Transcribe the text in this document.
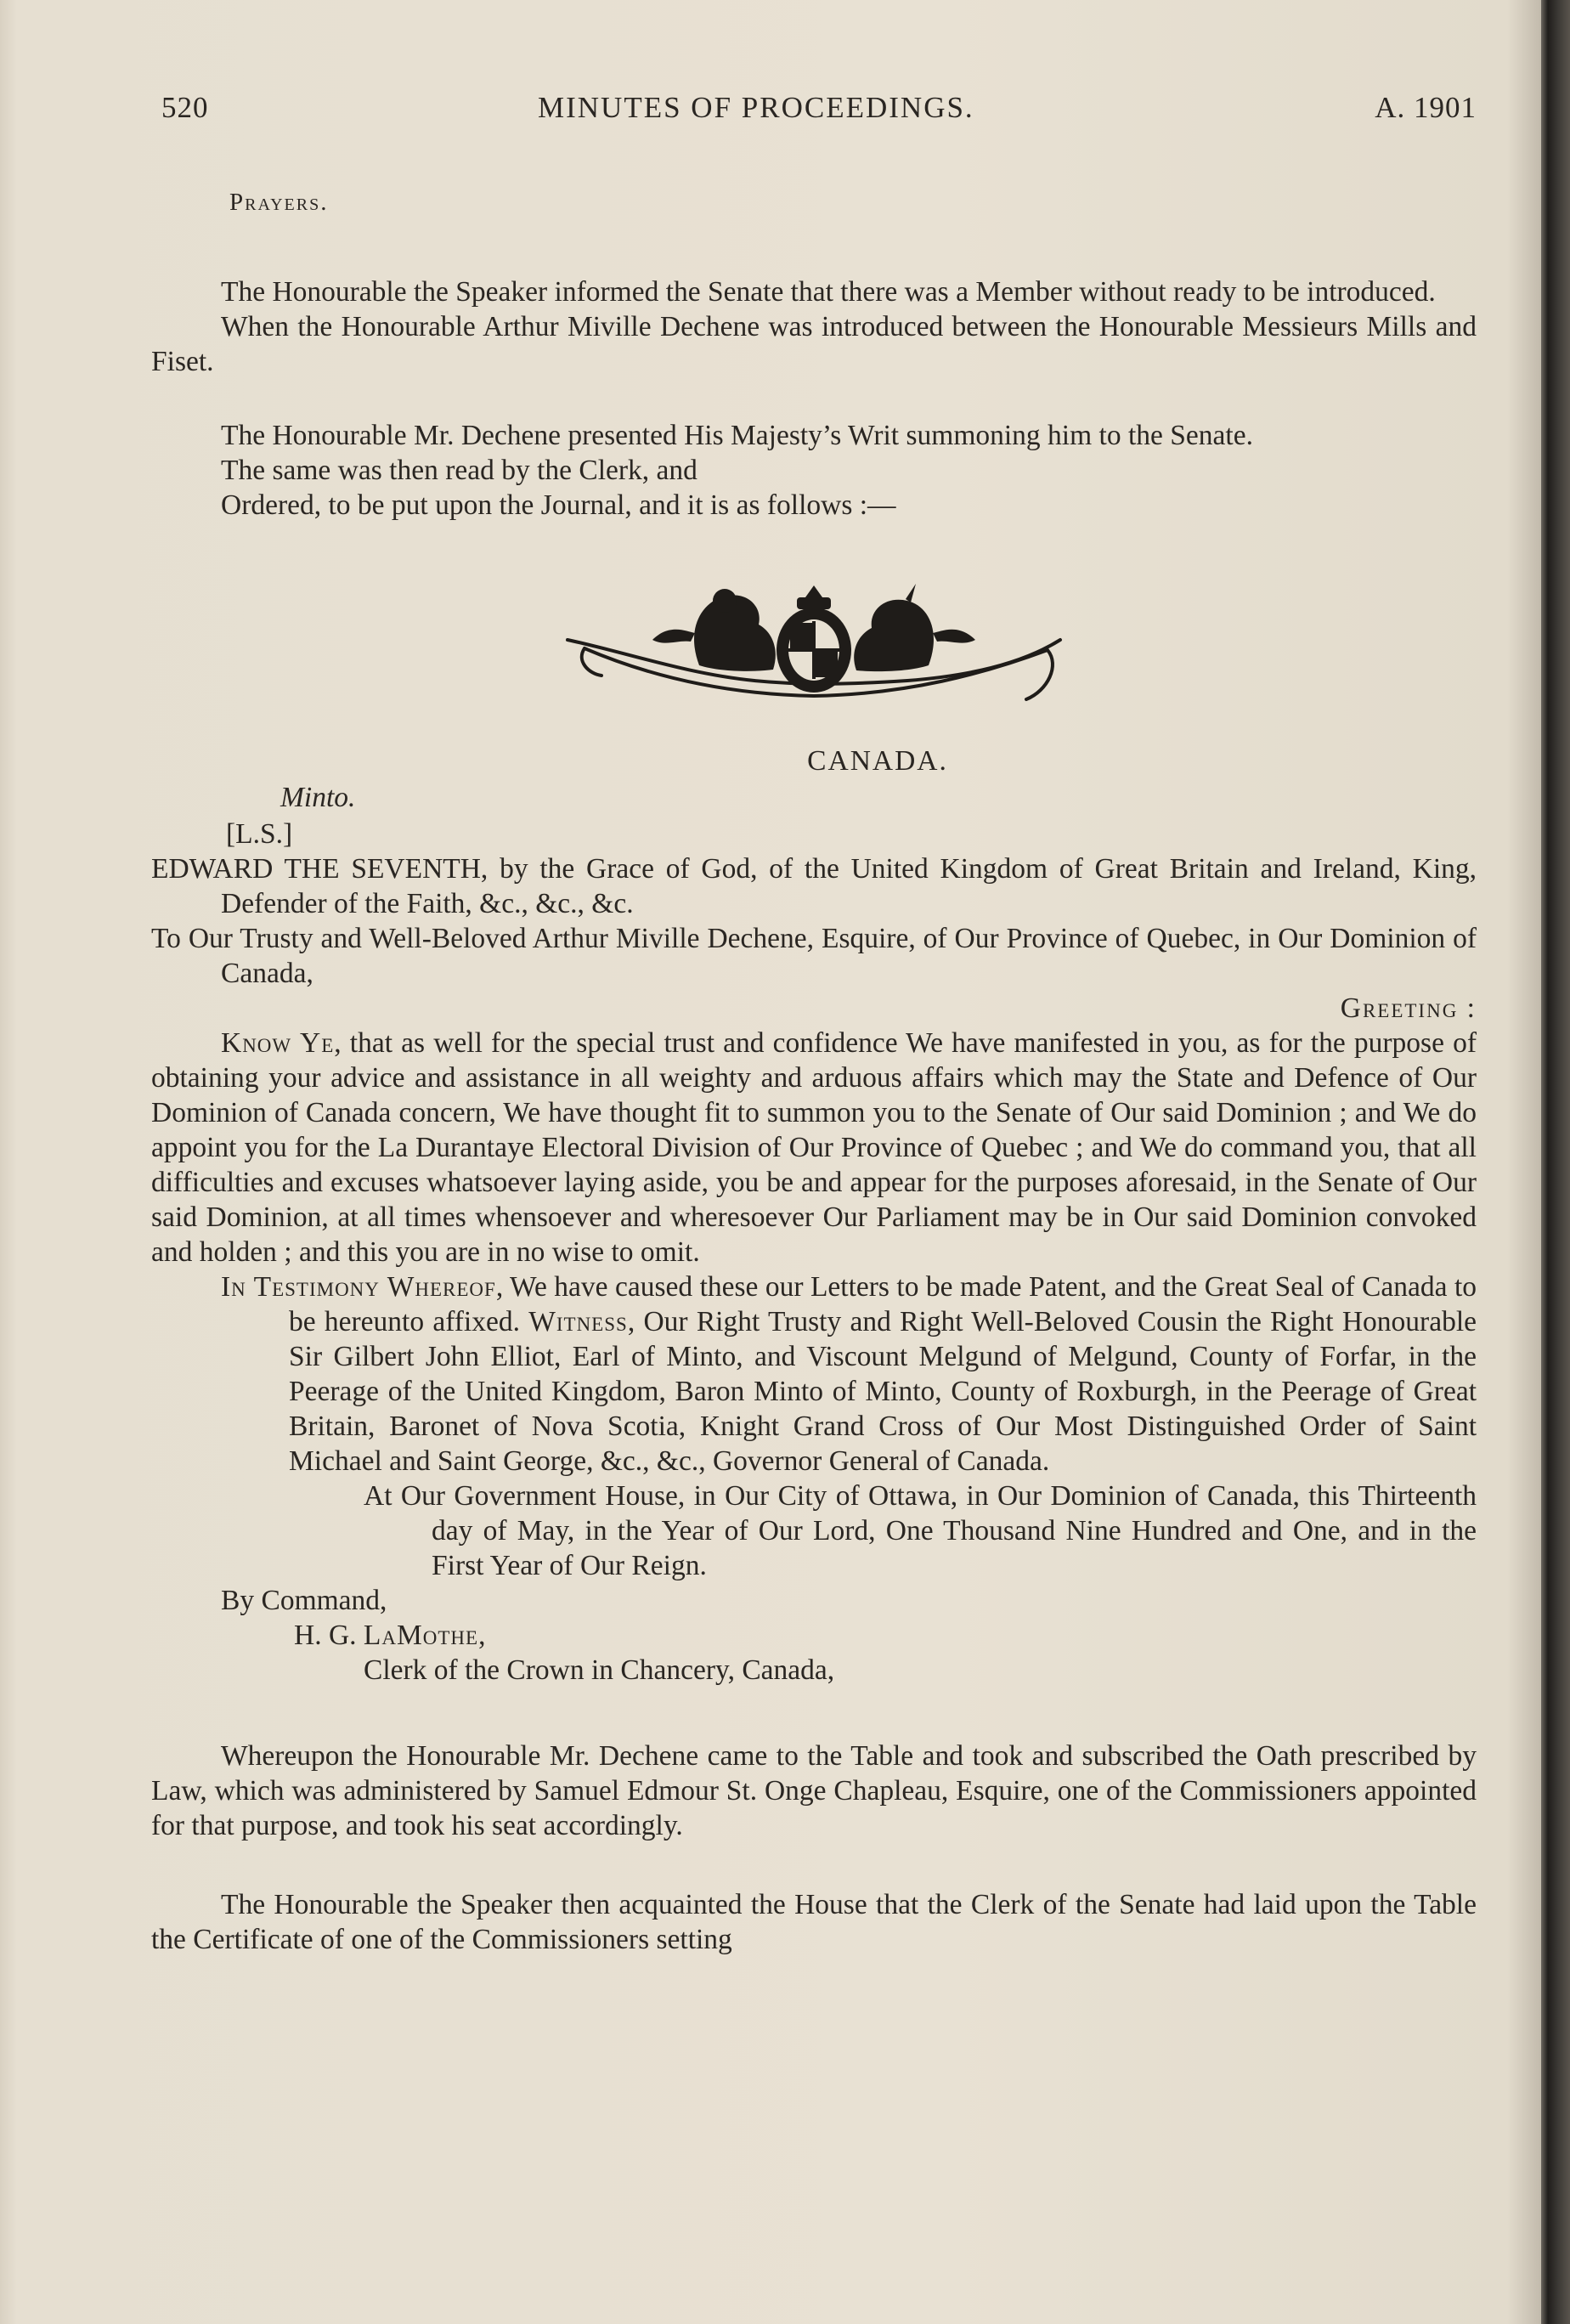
520	MINUTES OF PROCEEDINGS.	A. 1901

Prayers.

The Honourable the Speaker informed the Senate that there was a Member without ready to be introduced.

When the Honourable Arthur Miville Dechene was introduced between the Honourable Messieurs Mills and Fiset.

The Honourable Mr. Dechene presented His Majesty’s Writ summoning him to the Senate.

The same was then read by the Clerk, and

Ordered, to be put upon the Journal, and it is as follows :—

CANADA.

Minto.

[L.S.]

EDWARD THE SEVENTH, by the Grace of God, of the United Kingdom of Great Britain and Ireland, King, Defender of the Faith, &c., &c., &c.

To Our Trusty and Well-Beloved Arthur Miville Dechene, Esquire, of Our Province of Quebec, in Our Dominion of Canada,

Greeting :

Know Ye, that as well for the special trust and confidence We have manifested in you, as for the purpose of obtaining your advice and assistance in all weighty and arduous affairs which may the State and Defence of Our Dominion of Canada concern, We have thought fit to summon you to the Senate of Our said Dominion ; and We do appoint you for the La Durantaye Electoral Division of Our Province of Quebec ; and We do command you, that all difficulties and excuses whatsoever laying aside, you be and appear for the purposes aforesaid, in the Senate of Our said Dominion, at all times whensoever and wheresoever Our Parliament may be in Our said Dominion convoked and holden ; and this you are in no wise to omit.

In Testimony Whereof, We have caused these our Letters to be made Patent, and the Great Seal of Canada to be hereunto affixed. Witness, Our Right Trusty and Right Well-Beloved Cousin the Right Honourable Sir Gilbert John Elliot, Earl of Minto, and Viscount Melgund of Melgund, County of Forfar, in the Peerage of the United Kingdom, Baron Minto of Minto, County of Roxburgh, in the Peerage of Great Britain, Baronet of Nova Scotia, Knight Grand Cross of Our Most Distinguished Order of Saint Michael and Saint George, &c., &c., Governor General of Canada.

At Our Government House, in Our City of Ottawa, in Our Dominion of Canada, this Thirteenth day of May, in the Year of Our Lord, One Thousand Nine Hundred and One, and in the First Year of Our Reign.

By Command,

H. G. LaMothe,

Clerk of the Crown in Chancery, Canada,

Whereupon the Honourable Mr. Dechene came to the Table and took and subscribed the Oath prescribed by Law, which was administered by Samuel Edmour St. Onge Chapleau, Esquire, one of the Commissioners appointed for that purpose, and took his seat accordingly.

The Honourable the Speaker then acquainted the House that the Clerk of the Senate had laid upon the Table the Certificate of one of the Commissioners setting
